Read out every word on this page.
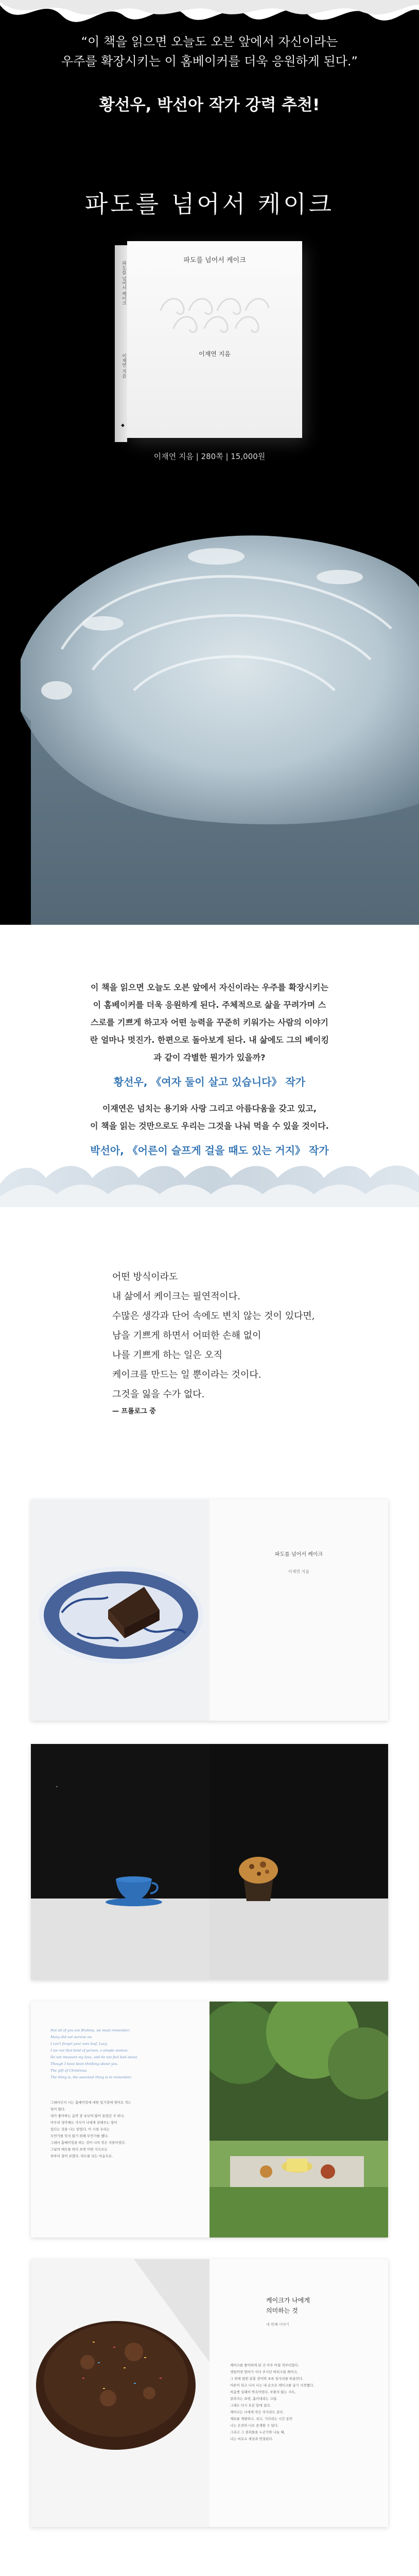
“이 책을 읽으면 오늘도 오븐 앞에서 자신이라는
우주를 확장시키는 이 홈베이커를 더욱 응원하게 된다.”
황선우, 박선아 작가 강력 추천!
파도를 넘어서 케이크
파도를 넘어서 케이크
이재연 지음
◆
파도를 넘어서 케이크
이재연 지음
이재연 지음 | 280쪽 | 15,000원
이 책을 읽으면 오늘도 오븐 앞에서 자신이라는 우주를 확장시키는
이 홈베이커를 더욱 응원하게 된다. 주체적으로 삶을 꾸려가며 스
스로를 기쁘게 하고자 어떤 능력을 꾸준히 키워가는 사람의 이야기
란 얼마나 멋진가. 한편으로 돌아보게 된다. 내 삶에도 그의 베이킹
과 같이 각별한 뭔가가 있을까?
황선우, 《여자 둘이 살고 있습니다》 작가
이재연은 넘치는 용기와 사랑 그리고 아름다움을 갖고 있고,
이 책을 읽는 것만으로도 우리는 그것을 나눠 먹을 수 있을 것이다.
박선아, 《어른이 슬프게 걸을 때도 있는 거지》 작가
어떤 방식이라도
내 삶에서 케이크는 필연적이다.
수많은 생각과 단어 속에도 변치 않는 것이 있다면,
남을 기쁘게 하면서 어떠한 손해 없이
나를 기쁘게 하는 일은 오직
케이크를 만드는 일 뿐이라는 것이다.
그것을 잃을 수가 없다.
— 프롤로그 중
파도를 넘어서 케이크
이재연 지음
•
Not all of you are Brahms, we must remember.
Many did not survive on.
I can't forget your own loaf, Lucy.
I am not that kind of person, a simple woman.
Do not measure my love, and do not feel bad about.
Though I have been thinking about you.
The gift of Christmas.
The thing is, the sweetest thing is to remember.
그래서인지 나는 홈베이킹에 대한 일기장에 영어로 적는
일이 많다.
내가 좋아하는 음악 중 유난히 많이 들었던 곡 하나,
아무리 생각해도 가사가 나에게 전해주는 말이
있다는 것을 나는 믿었다. 이 시절 우리는
무언가를 잊지 않기 위해 무언가를 했다.
그래서 홈베이킹을 하는 것이 나의 작은 저항이었다.
그날의 메모를 하다 보면 어떤 식으로든
하루의 결이 보였다. 파도를 넘는 마음으로.
케이크가 나에게
의미하는 것
네 번째 이야기
케이크를 좋아하게 된 건 아주 어릴 적부터였다.
생일이면 엄마가 사다 주시던 버터크림 케이크,
그 위에 얹힌 분홍 장미와 초록 잎사귀를 떠올린다.
어른이 되고 나서 나는 내 손으로 케이크를 굽기 시작했다.
처음엔 실패의 연속이었다. 부풀지 않는 시트,
갈라지는 표면, 흘러내리는 크림.
그래도 다시 오븐 앞에 섰다.
케이크는 나에게 작은 의식과도 같다.
재료를 계량하고, 섞고, 기다리는 시간 동안
나는 온전히 나로 존재할 수 있다.
그리고 그 결과물을 누군가와 나눌 때,
나는 비로소 세상과 연결된다.
